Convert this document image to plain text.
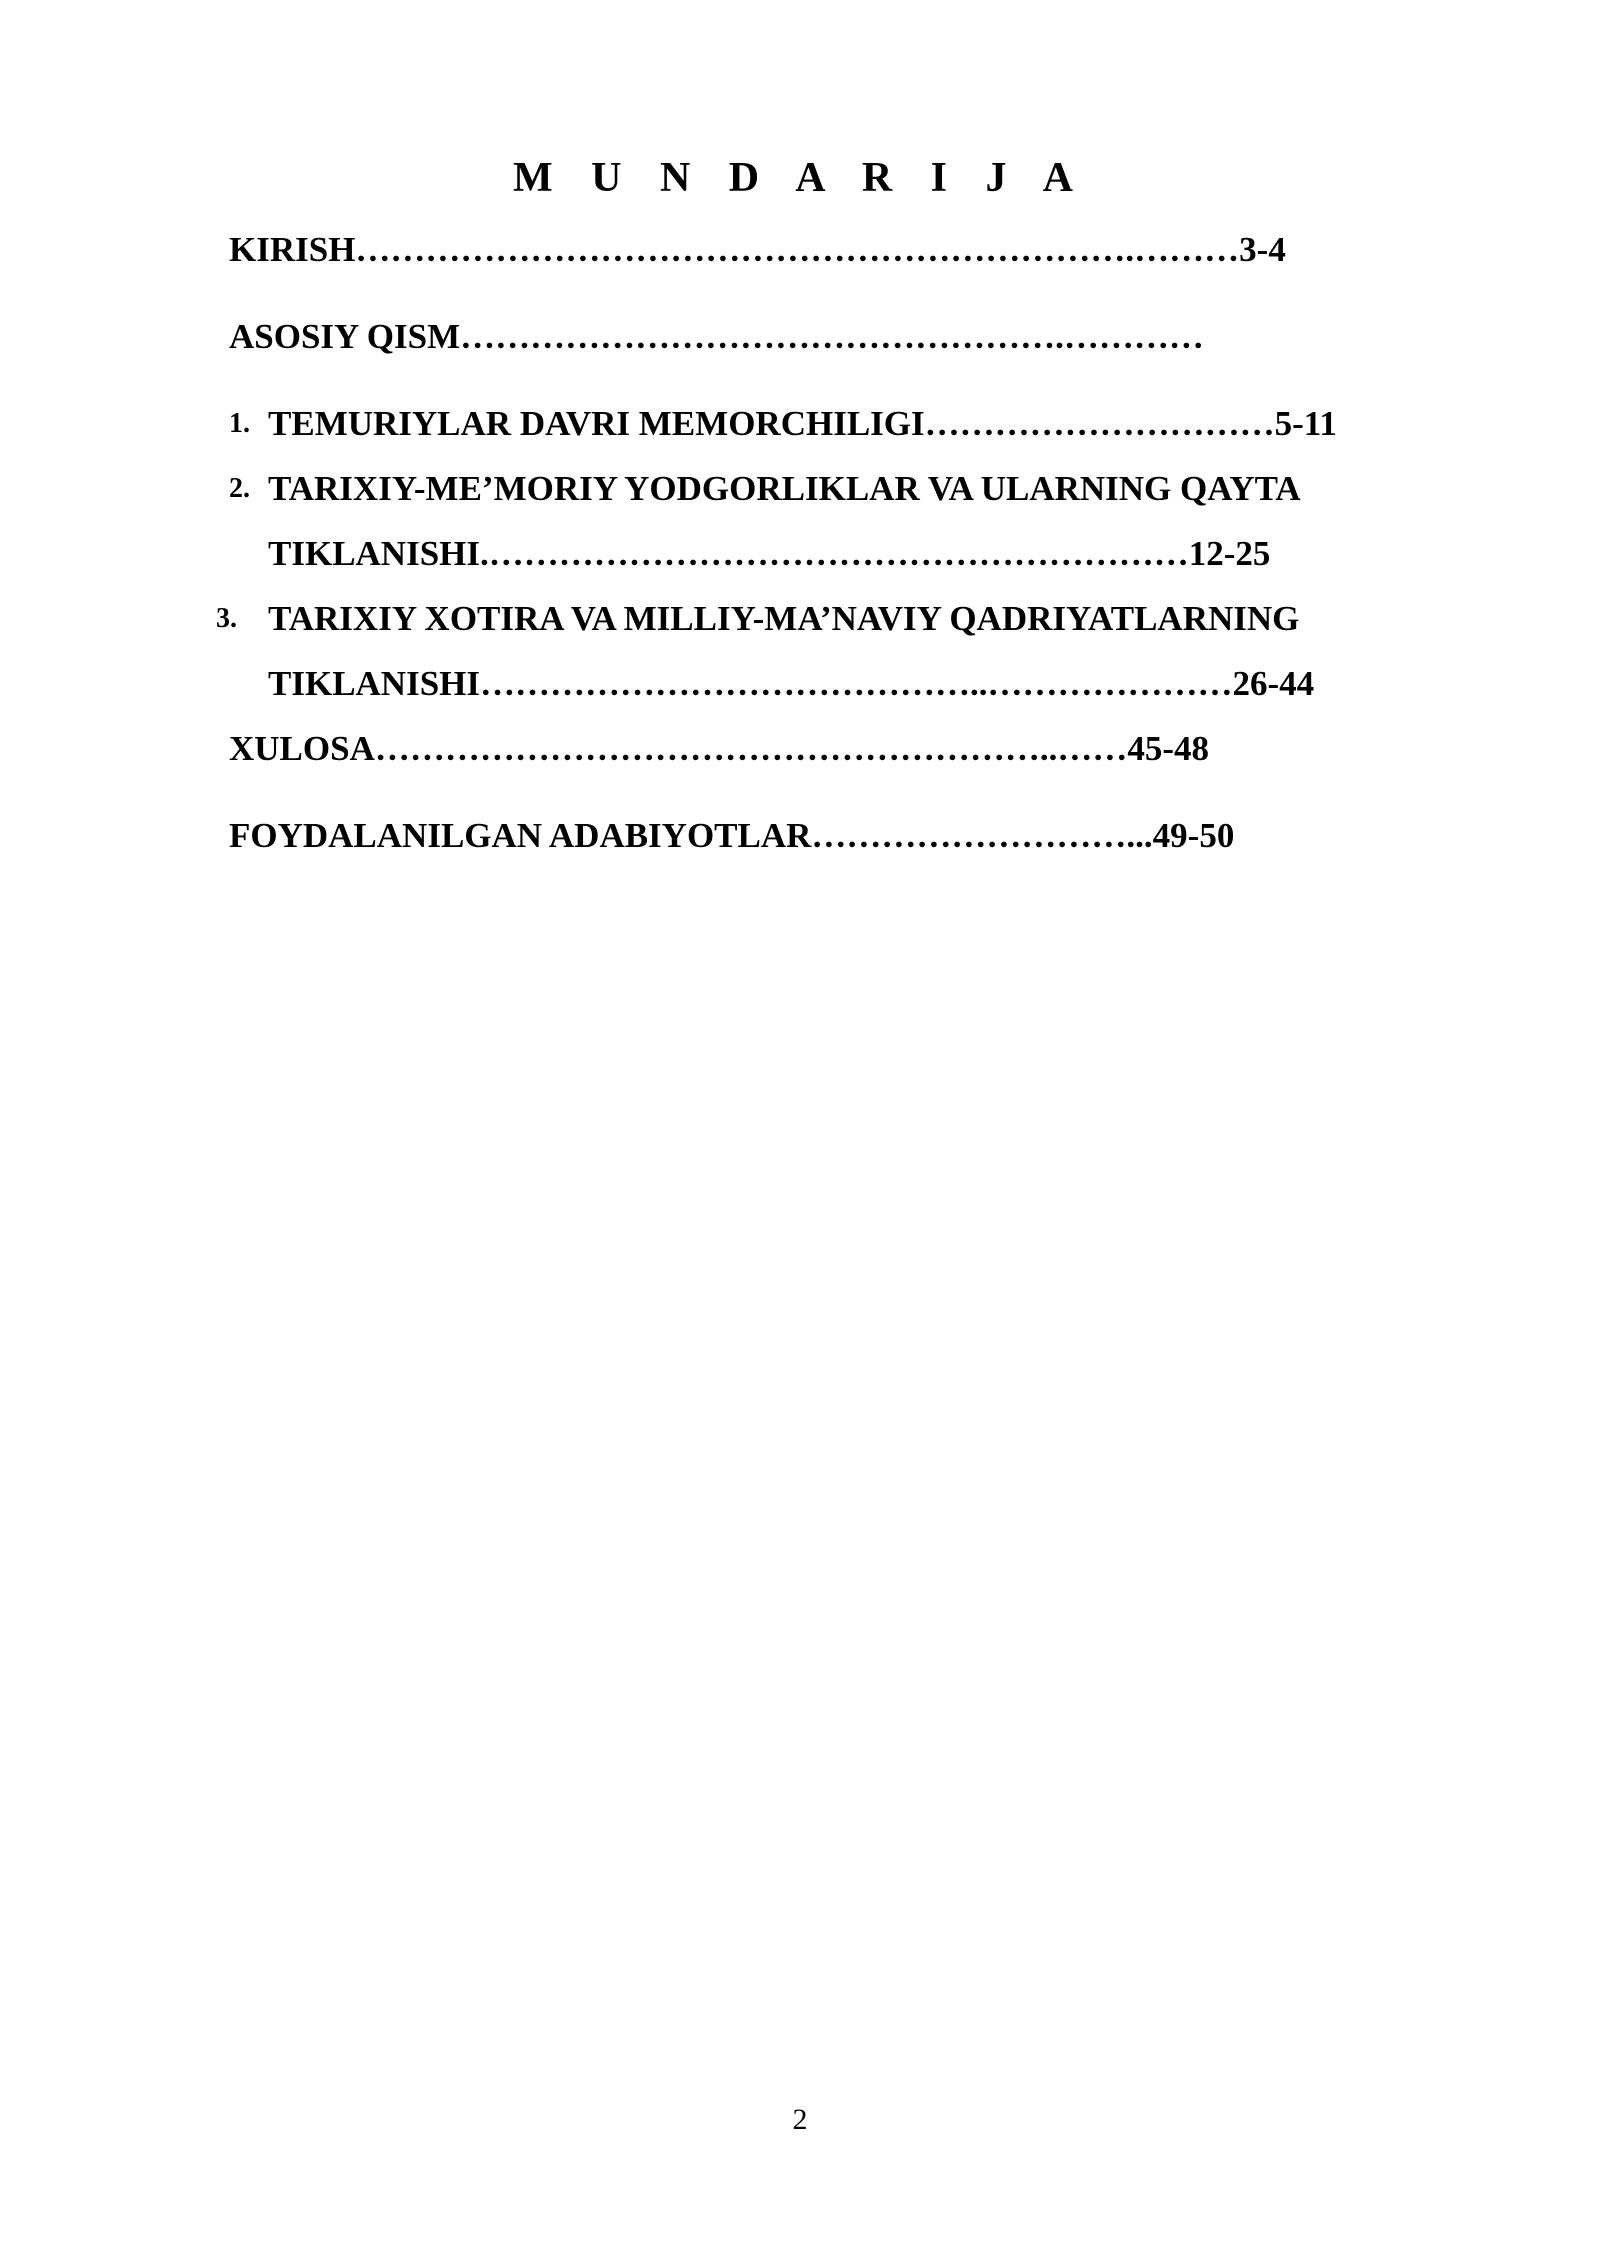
M U N D A R I J A
KIRISH………………………………………………………….………3-4
ASOSIY QISM…………………………………………….…………
1. TEMURIYLAR DAVRI MEMORCHILIGI…………………………5-11
2. TARIXIY-ME’MORIY YODGORLIKLAR VA ULARNING QAYTA
TIKLANISHI.……………………………………………………12-25
3. TARIXIY XOTIRA VA MILLIY-MA’NAVIY QADRIYATLARNING
TIKLANISHI……………………………………..…………………26-44
XULOSA…………………………………………………..……45-48
FOYDALANILGAN ADABIYOTLAR………………………...49-50
2
